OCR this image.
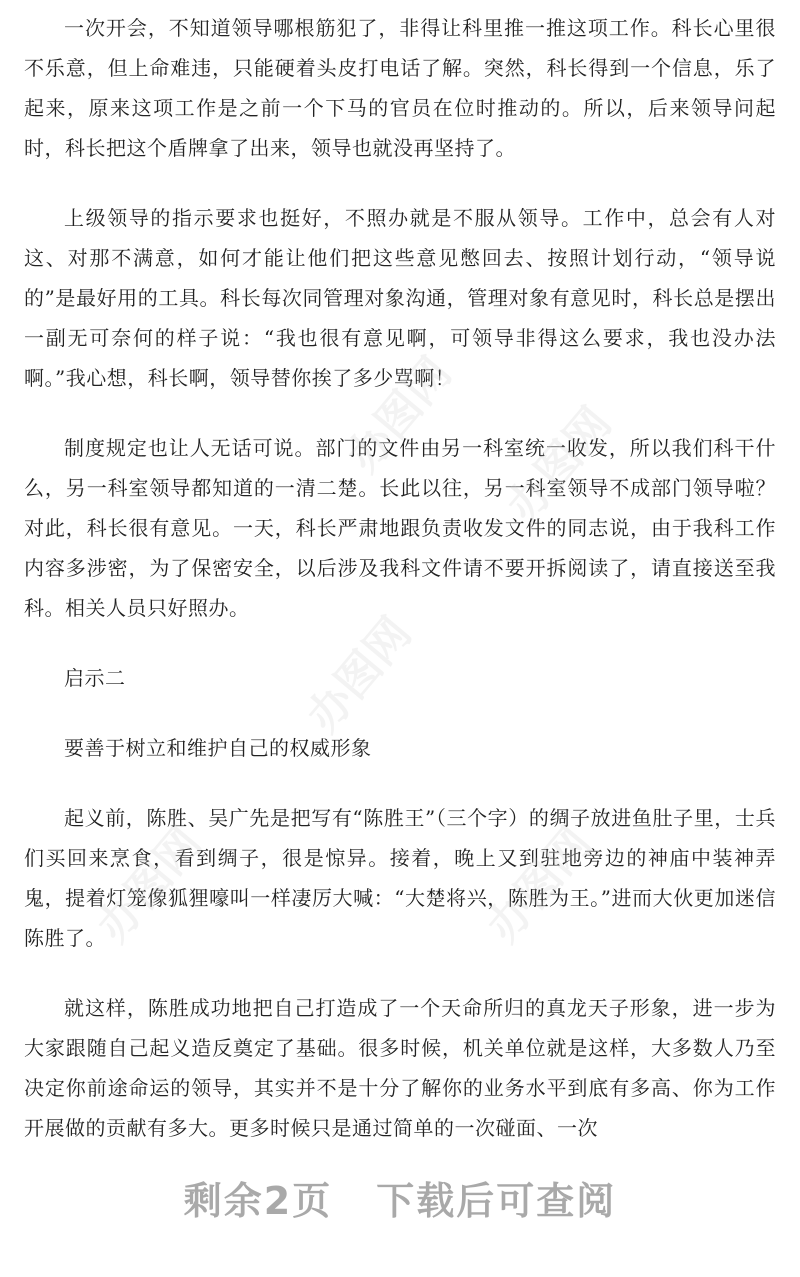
一次开会，不知道领导哪根筋犯了，非得让科里推一推这项工作。科长心里很不乐意，但上命难违，只能硬着头皮打电话了解。突然，科长得到一个信息，乐了起来，原来这项工作是之前一个下马的官员在位时推动的。所以，后来领导问起时，科长把这个盾牌拿了出来，领导也就没再坚持了。

上级领导的指示要求也挺好，不照办就是不服从领导。工作中，总会有人对这、对那不满意，如何才能让他们把这些意见憋回去、按照计划行动，“领导说的”是最好用的工具。科长每次同管理对象沟通，管理对象有意见时，科长总是摆出一副无可奈何的样子说：“我也很有意见啊，可领导非得这么要求，我也没办法啊。”我心想，科长啊，领导替你挨了多少骂啊！

制度规定也让人无话可说。部门的文件由另一科室统一收发，所以我们科干什么，另一科室领导都知道的一清二楚。长此以往，另一科室领导不成部门领导啦？对此，科长很有意见。一天，科长严肃地跟负责收发文件的同志说，由于我科工作内容多涉密，为了保密安全，以后涉及我科文件请不要开拆阅读了，请直接送至我科。相关人员只好照办。

启示二

要善于树立和维护自己的权威形象

起义前，陈胜、吴广先是把写有“陈胜王”（三个字）的绸子放进鱼肚子里，士兵们买回来烹食，看到绸子，很是惊异。接着，晚上又到驻地旁边的神庙中装神弄鬼，提着灯笼像狐狸嚎叫一样凄厉大喊：“大楚将兴，陈胜为王。”进而大伙更加迷信陈胜了。

就这样，陈胜成功地把自己打造成了一个天命所归的真龙天子形象，进一步为大家跟随自己起义造反奠定了基础。很多时候，机关单位就是这样，大多数人乃至决定你前途命运的领导，其实并不是十分了解你的业务水平到底有多高、你为工作开展做的贡献有多大。更多时候只是通过简单的一次碰面、一次

办图网 办图网
办图网
办图网	办图网
剩余2页 下载后可查阅
